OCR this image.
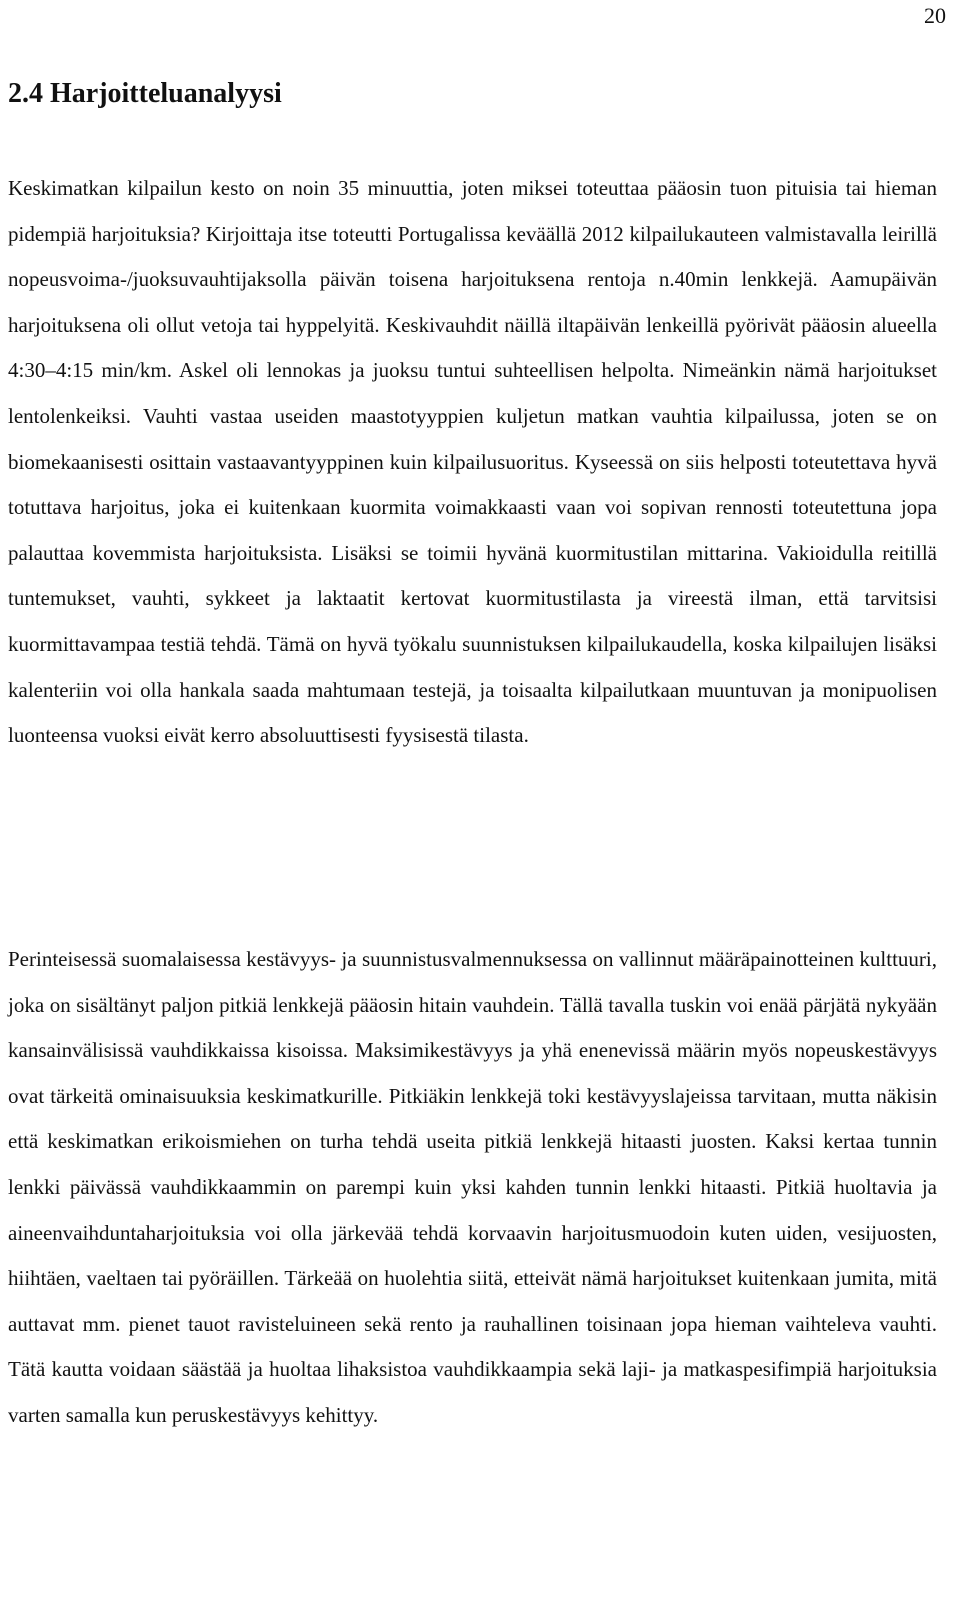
20
2.4 Harjoitteluanalyysi

Keskimatkan kilpailun kesto on noin 35 minuuttia, joten miksei toteuttaa pääosin tuon pituisia tai hieman pidempiä harjoituksia? Kirjoittaja itse toteutti Portugalissa keväällä 2012 kilpailukauteen valmistavalla leirillä nopeusvoima-/juoksuvauhtijaksolla päivän toisena harjoituksena rentoja n.40min lenkkejä. Aamupäivän harjoituksena oli ollut vetoja tai hyppelyitä. Keskivauhdit näillä iltapäivän lenkeillä pyörivät pääosin alueella 4:30–4:15 min/km. Askel oli lennokas ja juoksu tuntui suhteellisen helpolta. Nimeänkin nämä harjoitukset lentolenkeiksi. Vauhti vastaa useiden maastotyyppien kuljetun matkan vauhtia kilpailussa, joten se on biomekaanisesti osittain vastaavantyyppinen kuin kilpailusuoritus. Kyseessä on siis helposti toteutettava hyvä totuttava harjoitus, joka ei kuitenkaan kuormita voimakkaasti vaan voi sopivan rennosti toteutettuna jopa palauttaa kovemmista harjoituksista. Lisäksi se toimii hyvänä kuormitustilan mittarina. Vakioidulla reitillä tuntemukset, vauhti, sykkeet ja laktaatit kertovat kuormitustilasta ja vireestä ilman, että tarvitsisi kuormittavampaa testiä tehdä. Tämä on hyvä työkalu suunnistuksen kilpailukaudella, koska kilpailujen lisäksi kalenteriin voi olla hankala saada mahtumaan testejä, ja toisaalta kilpailutkaan muuntuvan ja monipuolisen luonteensa vuoksi eivät kerro absoluuttisesti fyysisestä tilasta.

Perinteisessä suomalaisessa kestävyys- ja suunnistusvalmennuksessa on vallinnut määräpainotteinen kulttuuri, joka on sisältänyt paljon pitkiä lenkkejä pääosin hitain vauhdein. Tällä tavalla tuskin voi enää pärjätä nykyään kansainvälisissä vauhdikkaissa kisoissa. Maksimikestävyys ja yhä enenevissä määrin myös nopeuskestävyys ovat tärkeitä ominaisuuksia keskimatkurille. Pitkiäkin lenkkejä toki kestävyyslajeissa tarvitaan, mutta näkisin että keskimatkan erikoismiehen on turha tehdä useita pitkiä lenkkejä hitaasti juosten. Kaksi kertaa tunnin lenkki päivässä vauhdikkaammin on parempi kuin yksi kahden tunnin lenkki hitaasti. Pitkiä huoltavia ja aineenvaihduntaharjoituksia voi olla järkevää tehdä korvaavin harjoitusmuodoin kuten uiden, vesijuosten, hiihtäen, vaeltaen tai pyöräillen. Tärkeää on huolehtia siitä, etteivät nämä harjoitukset kuitenkaan jumita, mitä auttavat mm. pienet tauot ravisteluineen sekä rento ja rauhallinen toisinaan jopa hieman vaihteleva vauhti. Tätä kautta voidaan säästää ja huoltaa lihaksistoa vauhdikkaampia sekä laji- ja matkaspesifimpiä harjoituksia varten samalla kun peruskestävyys kehittyy.
